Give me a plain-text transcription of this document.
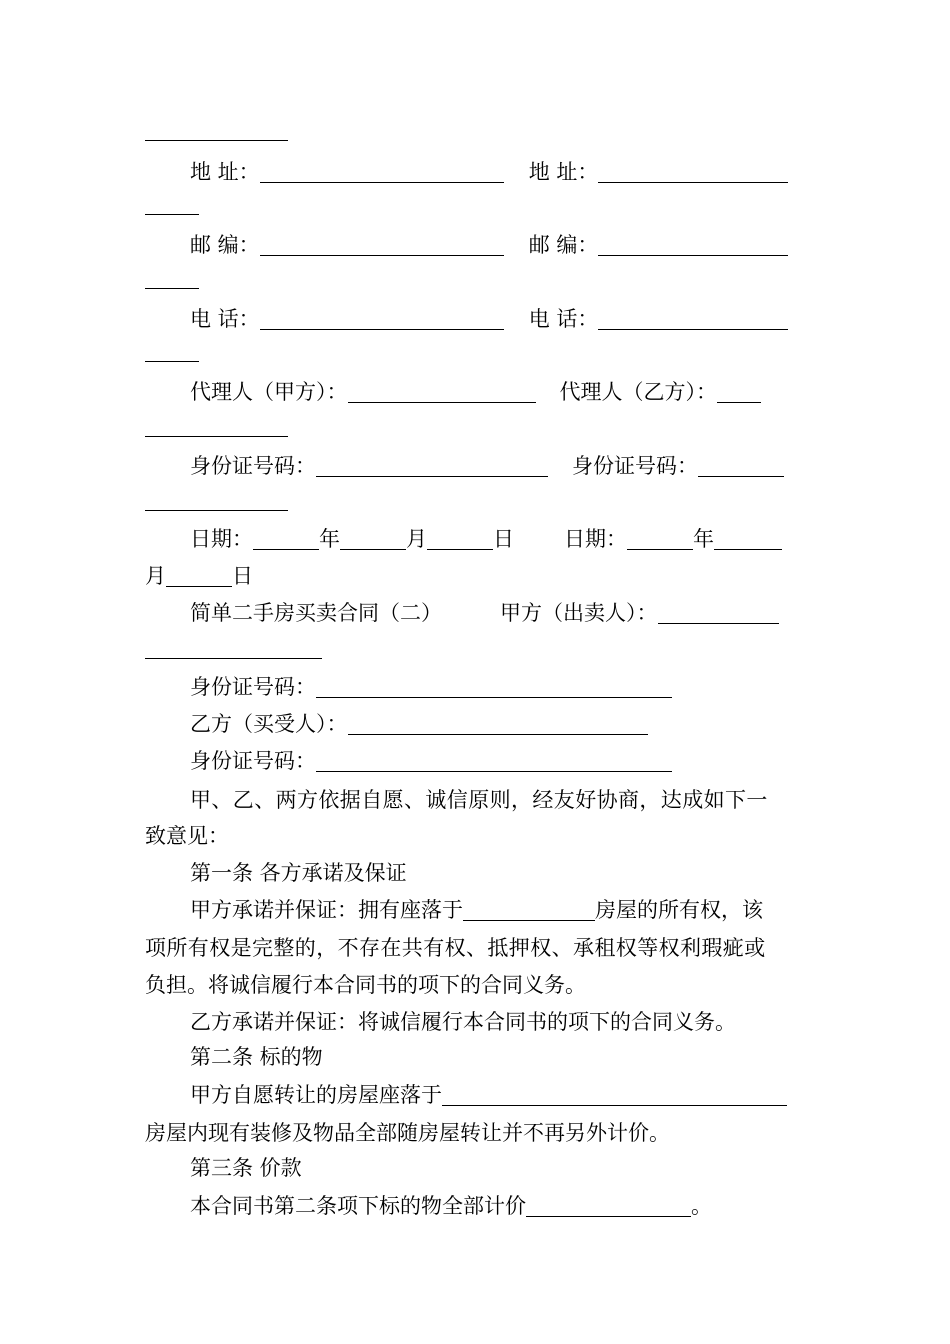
地 址：	地 址：
邮 编：	邮 编：
电 话：	电 话：
代理人（甲方）：	代理人（乙方）：
身份证号码：	身份证号码：
日期：	年	月	日 日期：	年
月	日
简单二手房买卖合同（二）	甲方（出卖人）：
身份证号码：
乙方（买受人）：
身份证号码：
甲、乙、两方依据自愿、诚信原则，经友好协商，达成如下一
致意见：
第一条 各方承诺及保证
甲方承诺并保证：拥有座落于	房屋的所有权，该
项所有权是完整的，不存在共有权、抵押权、承租权等权利瑕疵或
负担。将诚信履行本合同书的项下的合同义务。
乙方承诺并保证：将诚信履行本合同书的项下的合同义务。
第二条 标的物
甲方自愿转让的房屋座落于
房屋内现有装修及物品全部随房屋转让并不再另外计价。
第三条 价款
本合同书第二条项下标的物全部计价	。
